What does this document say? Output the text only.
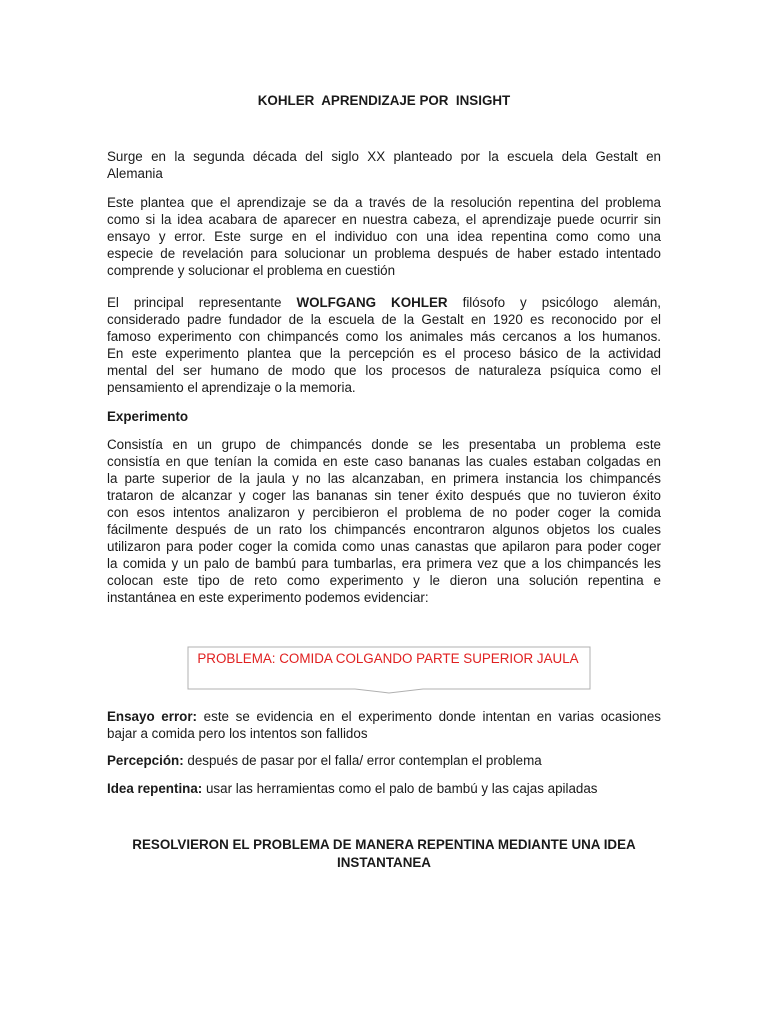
KOHLER  APRENDIZAJE POR  INSIGHT
Surge en la segunda década del siglo XX planteado por la escuela dela Gestalt en
Alemania
Este plantea que el aprendizaje se da a través de la resolución repentina del problema
como si la idea acabara de aparecer en nuestra cabeza, el aprendizaje puede ocurrir sin
ensayo y error. Este surge en el individuo con una idea repentina como como una
especie de revelación para solucionar un problema después de haber estado intentado
comprende y solucionar el problema en cuestión
El principal representante WOLFGANG KOHLER filósofo y psicólogo alemán,
considerado padre fundador de la escuela de la Gestalt en 1920 es reconocido por el
famoso experimento con chimpancés como los animales más cercanos a los humanos.
En este experimento plantea que la percepción es el proceso básico de la actividad
mental del ser humano de modo que los procesos de naturaleza psíquica como el
pensamiento el aprendizaje o la memoria.
Experimento
Consistía en un grupo de chimpancés donde se les presentaba un problema este
consistía en que tenían la comida en este caso bananas las cuales estaban colgadas en
la parte superior de la jaula y no las alcanzaban, en primera instancia los chimpancés
trataron de alcanzar y coger las bananas sin tener éxito después que no tuvieron éxito
con esos intentos analizaron y percibieron el problema de no poder coger la comida
fácilmente después de un rato los chimpancés encontraron algunos objetos los cuales
utilizaron para poder coger la comida como unas canastas que apilaron para poder coger
la comida y un palo de bambú para tumbarlas, era primera vez que a los chimpancés les
colocan este tipo de reto como experimento y le dieron una solución repentina e
instantánea en este experimento podemos evidenciar:
PROBLEMA: COMIDA COLGANDO PARTE SUPERIOR JAULA
Ensayo error: este se evidencia en el experimento donde intentan en varias ocasiones
bajar a comida pero los intentos son fallidos
Percepción: después de pasar por el falla/ error contemplan el problema
Idea repentina: usar las herramientas como el palo de bambú y las cajas apiladas
RESOLVIERON EL PROBLEMA DE MANERA REPENTINA MEDIANTE UNA IDEA
INSTANTANEA
